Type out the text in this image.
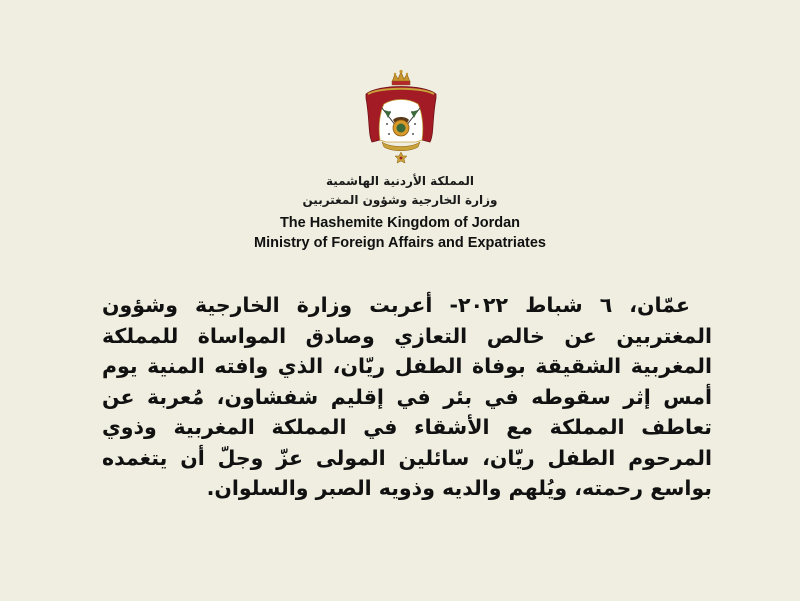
المملكة الأردنية الهاشمية
وزارة الخارجية وشؤون المغتربين
The Hashemite Kingdom of Jordan
Ministry of Foreign Affairs and Expatriates
عمّان، ٦ شباط ٢٠٢٢- أعربت وزارة الخارجية وشؤون المغتربين عن خالص التعازي وصادق المواساة للمملكة المغربية الشقيقة بوفاة الطفل ريّان، الذي وافته المنية يوم أمس إثر سقوطه في بئر في إقليم شفشاون، مُعربة عن تعاطف المملكة مع الأشقاء في المملكة المغربية وذوي المرحوم الطفل ريّان، سائلين المولى عزّ وجلّ أن يتغمده بواسع رحمته، ويُلهم والديه وذويه الصبر والسلوان.
